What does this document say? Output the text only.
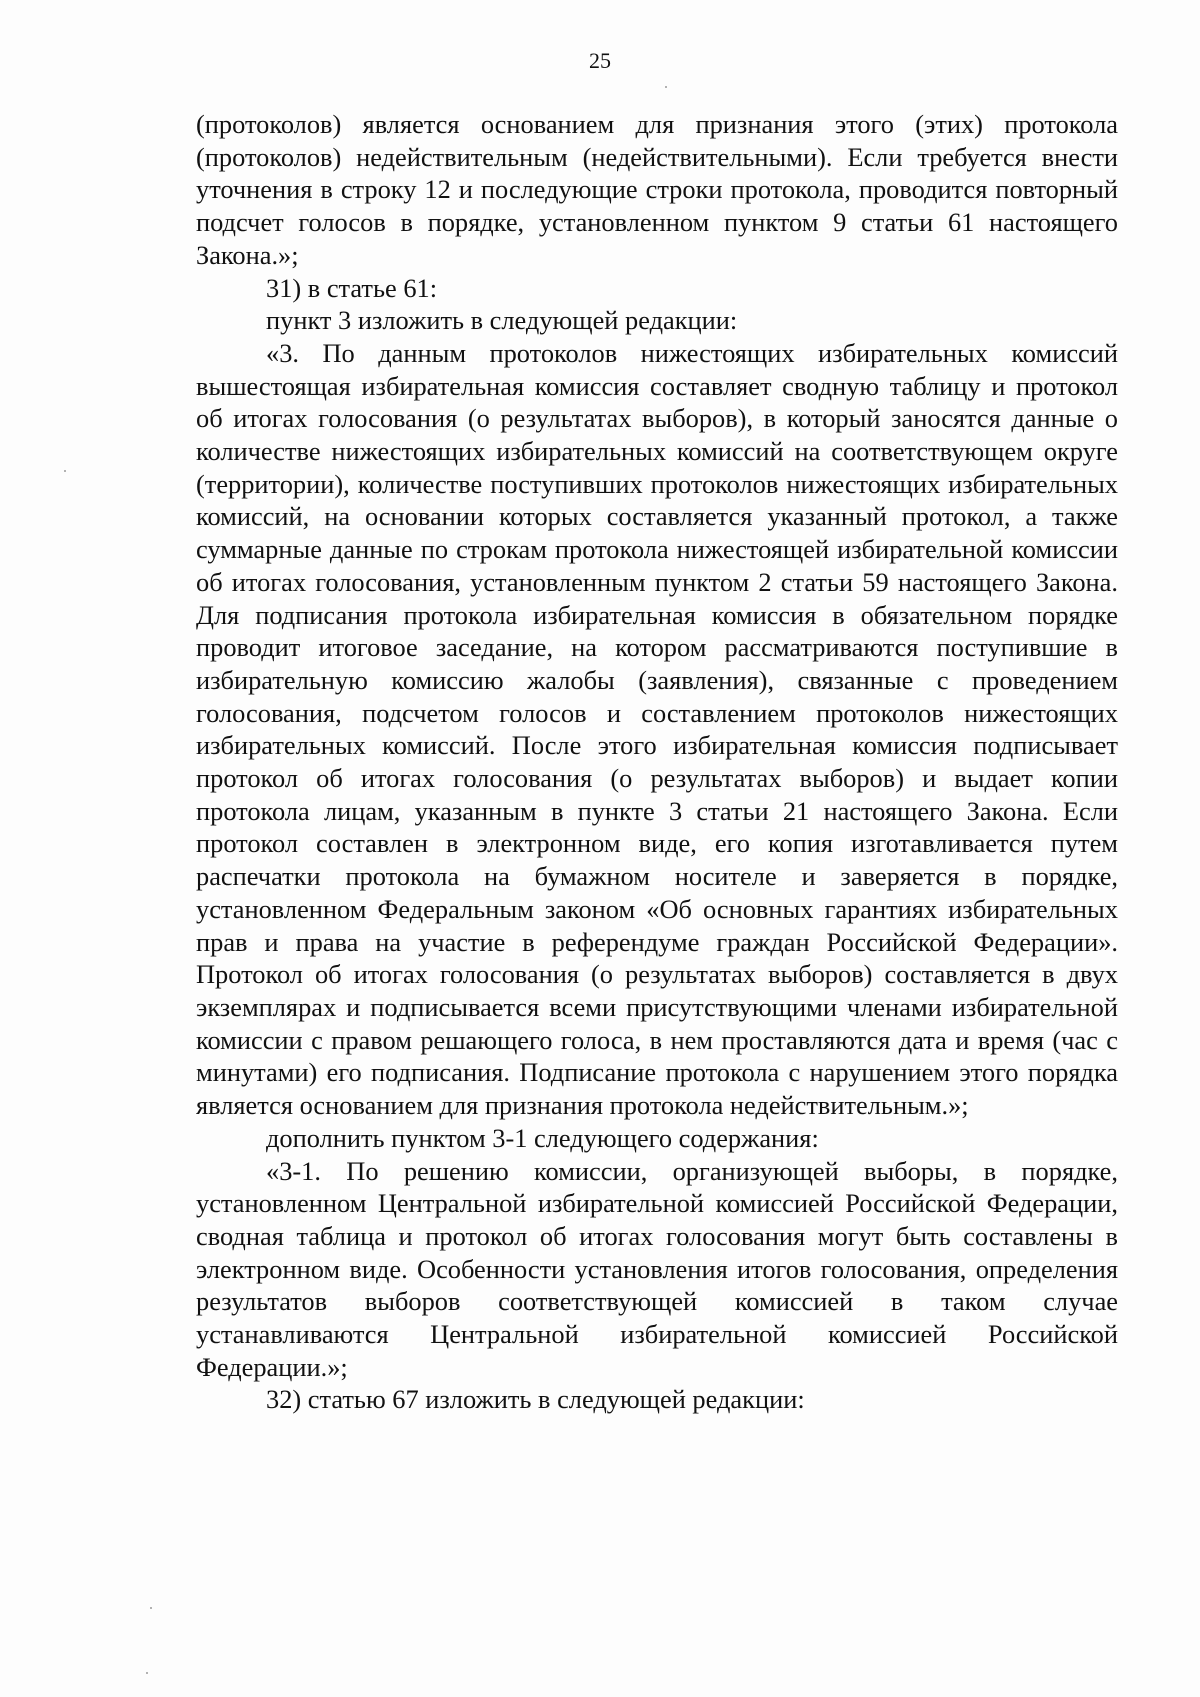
25

(протоколов) является основанием для признания этого (этих) протокола (протоколов) недействительным (недействительными). Если требуется внести уточнения в строку 12 и последующие строки протокола, проводится повторный подсчет голосов в порядке, установленном пунктом 9 статьи 61 настоящего Закона.»;

31) в статье 61:

пункт 3 изложить в следующей редакции:

«3. По данным протоколов нижестоящих избирательных комиссий вышестоящая избирательная комиссия составляет сводную таблицу и протокол об итогах голосования (о результатах выборов), в который заносятся данные о количестве нижестоящих избирательных комиссий на соответствующем округе (территории), количестве поступивших протоколов нижестоящих избирательных комиссий, на основании которых составляется указанный протокол, а также суммарные данные по строкам протокола нижестоящей избирательной комиссии об итогах голосования, установленным пунктом 2 статьи 59 настоящего Закона. Для подписания протокола избирательная комиссия в обязательном порядке проводит итоговое заседание, на котором рассматриваются поступившие в избирательную комиссию жалобы (заявления), связанные с проведением голосования, подсчетом голосов и составлением протоколов нижестоящих избирательных комиссий. После этого избирательная комиссия подписывает протокол об итогах голосования (о результатах выборов) и выдает копии протокола лицам, указанным в пункте 3 статьи 21 настоящего Закона. Если протокол составлен в электронном виде, его копия изготавливается путем распечатки протокола на бумажном носителе и заверяется в порядке, установленном Федеральным законом «Об основных гарантиях избирательных прав и права на участие в референдуме граждан Российской Федерации». Протокол об итогах голосования (о результатах выборов) составляется в двух экземплярах и подписывается всеми присутствующими членами избирательной комиссии с правом решающего голоса, в нем проставляются дата и время (час с минутами) его подписания. Подписание протокола с нарушением этого порядка является основанием для признания протокола недействительным.»;

дополнить пунктом 3-1 следующего содержания:

«3-1. По решению комиссии, организующей выборы, в порядке, установленном Центральной избирательной комиссией Российской Федерации, сводная таблица и протокол об итогах голосования могут быть составлены в электронном виде. Особенности установления итогов голосования, определения результатов выборов соответствующей комиссией в таком случае устанавливаются Центральной избирательной комиссией Российской Федерации.»;

32) статью 67 изложить в следующей редакции:
